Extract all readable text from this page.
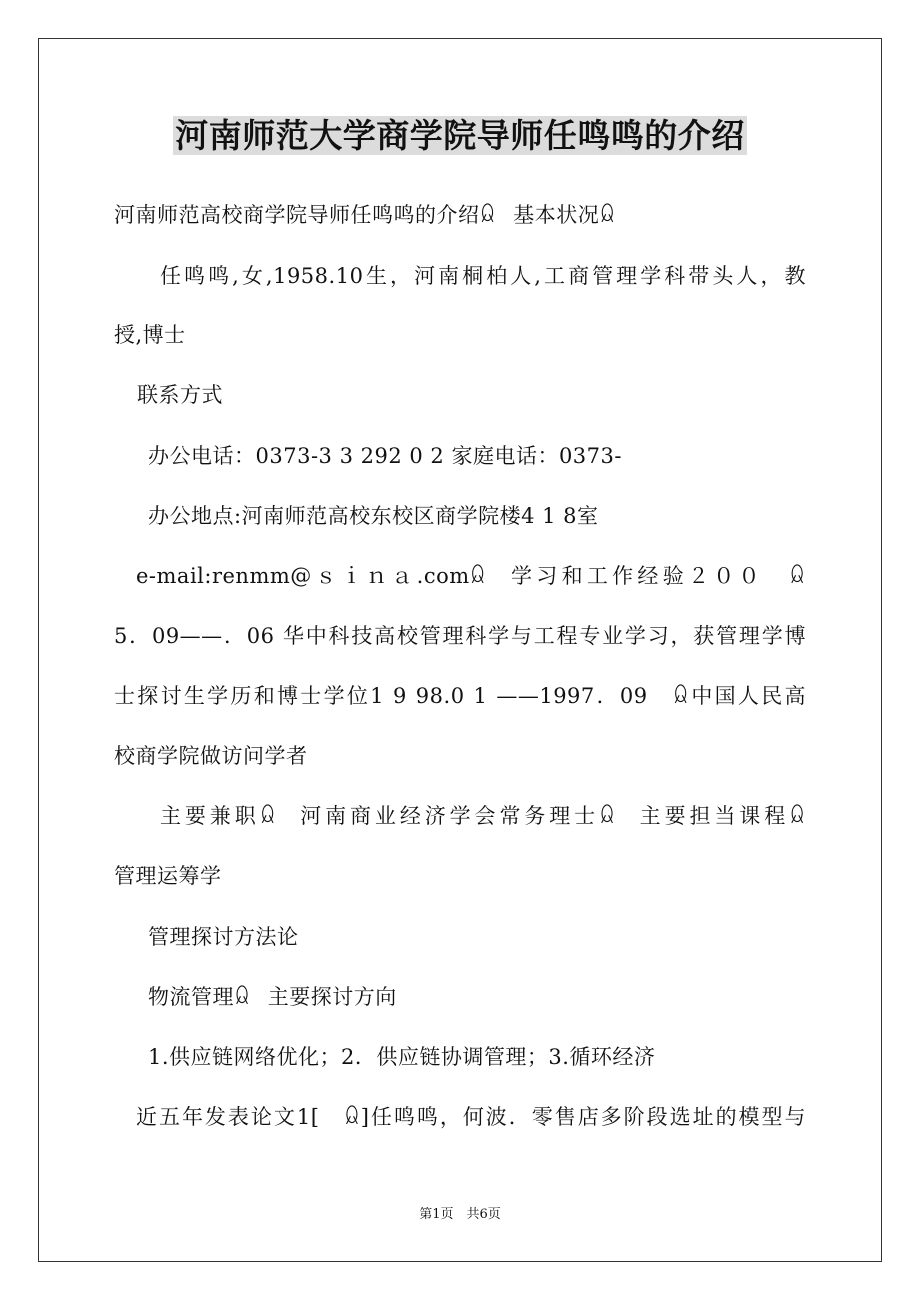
河南师范大学商学院导师任鸣鸣的介绍
河南师范高校商学院导师任鸣鸣的介绍ꆰ　基本状况ꆰ
任鸣鸣,女,1958.10生，河南桐柏人,工商管理学科带头人，教
授,博士
联系方式
办公电话：0373-3 3 292 0 2 家庭电话：0373-
办公地点:河南师范高校东校区商学院楼4 1 8室
e-mail:renmm@ｓｉｎａ.comꆰ　学习和工作经验２００　ꆰ
5．09——．06 华中科技高校管理科学与工程专业学习，获管理学博
士探讨生学历和博士学位1 9 98.0 1 ——1997．09　ꆰ中国人民高
校商学院做访问学者
主要兼职ꆰ　河南商业经济学会常务理士ꆰ　主要担当课程ꆰ
管理运筹学
管理探讨方法论
物流管理ꆰ　主要探讨方向
1.供应链网络优化；2．供应链协调管理；3.循环经济
近五年发表论文1[　ꆰ]任鸣鸣，何波．零售店多阶段选址的模型与
第1页　共6页
